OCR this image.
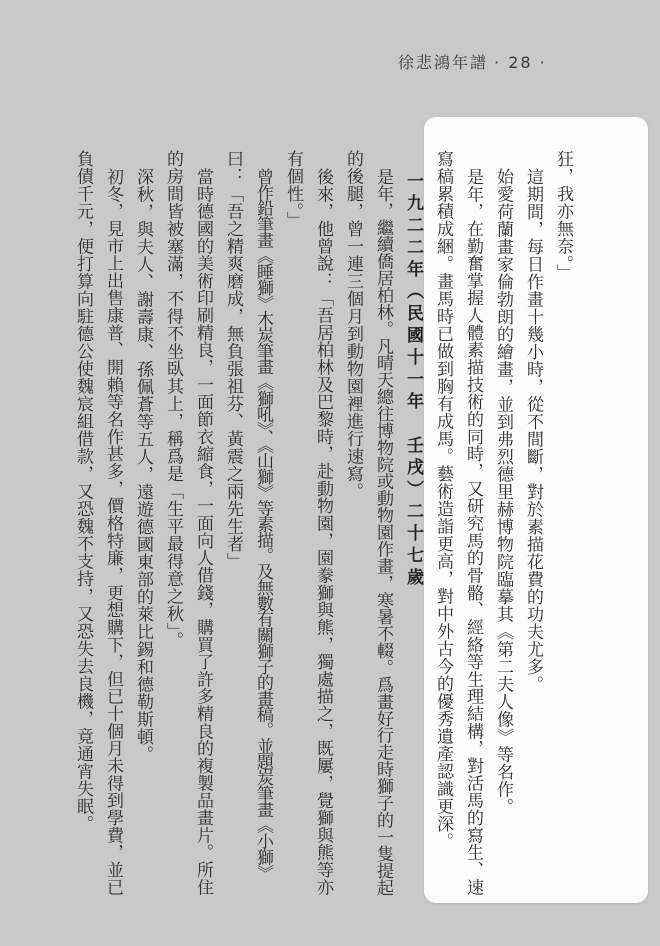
徐悲鴻年譜 · 28 ·
狂，我亦無奈。」
這期間，每日作畫十幾小時，從不間斷，對於素描花費的功夫尤多。
始愛荷蘭畫家倫勃朗的繪畫，並到弗烈德里赫博物院臨摹其《第二夫人像》等名作。
是年，在勤奮掌握人體素描技術的同時，又研究馬的骨骼、經絡等生理結構，對活馬的寫生、速
寫稿累積成綑。畫馬時已做到胸有成馬。藝術造詣更高，對中外古今的優秀遺產認識更深。
一九二二年（民國十一年　壬戌）二十七歲
是年，繼續僑居柏林。凡晴天總往博物院或動物園作畫，寒暑不輟。爲畫好行走時獅子的一隻提起
的後腿，曾一連三個月到動物園裡進行速寫。
後來，他曾說：「吾居柏林及巴黎時，赴動物園，園豢獅與熊，獨處描之，既屢，覺獅與熊等亦
有個性。」
曾作鉛筆畫《睡獅》木炭筆畫《獅吼》、《山獅》等素描。及無數有關獅子的畫稿。並題炭筆畫《小獅》
曰：「吾之精爽磨成，無負張祖芬、黃震之兩先生者」
當時德國的美術印刷精良，一面節衣縮食，一面向人借錢，購買了許多精良的複製品畫片。所住
的房間皆被塞滿，不得不坐臥其上，稱爲是「生平最得意之秋」。
深秋，與夫人、謝壽康、孫佩蒼等五人，遠遊德國東部的萊比錫和德勒斯頓。
初冬，見市上出售康普、開賴等名作甚多，價格特廉，更想購下，但已十個月未得到學費，並已
負債千元，便打算向駐德公使魏宸組借款，又恐魏不支持，又恐失去良機，竟通宵失眠。
